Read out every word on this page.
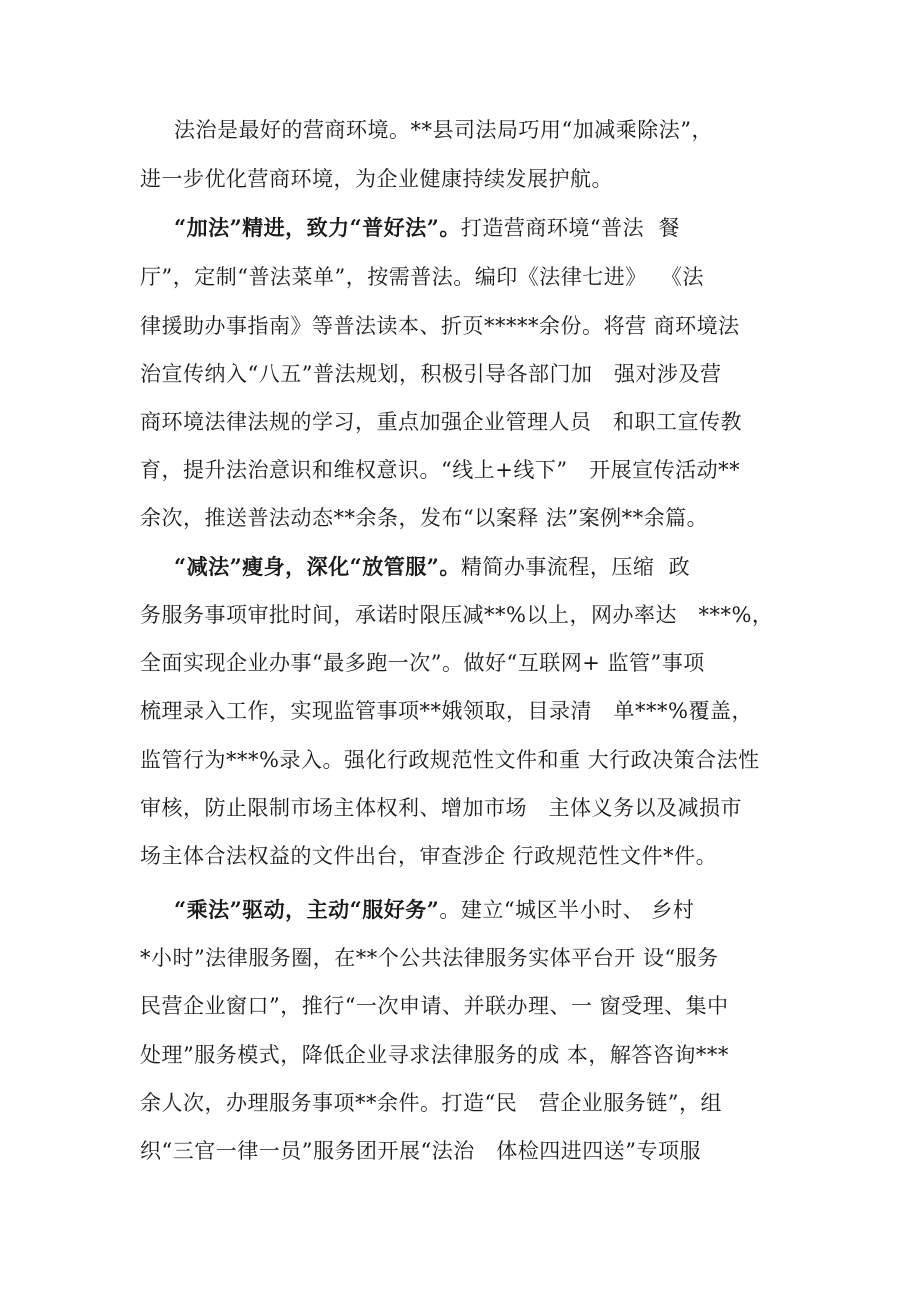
法治是最好的营商环境。**县司法局巧用“加减乘除法”，
进一步优化营商环境，为企业健康持续发展护航。
“加法”精进，致力“普好法”。打造营商环境“普法  餐
厅”，定制“普法菜单”，按需普法。编印《法律七进》  《法
律援助办事指南》等普法读本、折页*****余份。将营 商环境法
治宣传纳入“八五”普法规划，积极引导各部门加   强对涉及营
商环境法律法规的学习，重点加强企业管理人员   和职工宣传教
育，提升法治意识和维权意识。“线上+线下”   开展宣传活动**
余次，推送普法动态**余条，发布“以案释 法”案例**余篇。
“减法”瘦身，深化“放管服”。精简办事流程，压缩  政
务服务事项审批时间，承诺时限压减**%以上，网办率达   ***%，
全面实现企业办事“最多跑一次”。做好“互联网+ 监管”事项
梳理录入工作，实现监管事项**娥领取，目录清   单***%覆盖，
监管行为***%录入。强化行政规范性文件和重 大行政决策合法性
审核，防止限制市场主体权利、增加市场   主体义务以及减损市
场主体合法权益的文件出台，审查涉企 行政规范性文件*件。
“乘法”驱动，主动“服好务”。建立“城区半小时、 乡村
*小时”法律服务圈，在**个公共法律服务实体平台开 设“服务
民营企业窗口”，推行“一次申请、并联办理、一 窗受理、集中
处理”服务模式，降低企业寻求法律服务的成 本，解答咨询***
余人次，办理服务事项**余件。打造“民   营企业服务链”，组
织“三官一律一员”服务团开展“法治   体检四进四送”专项服
